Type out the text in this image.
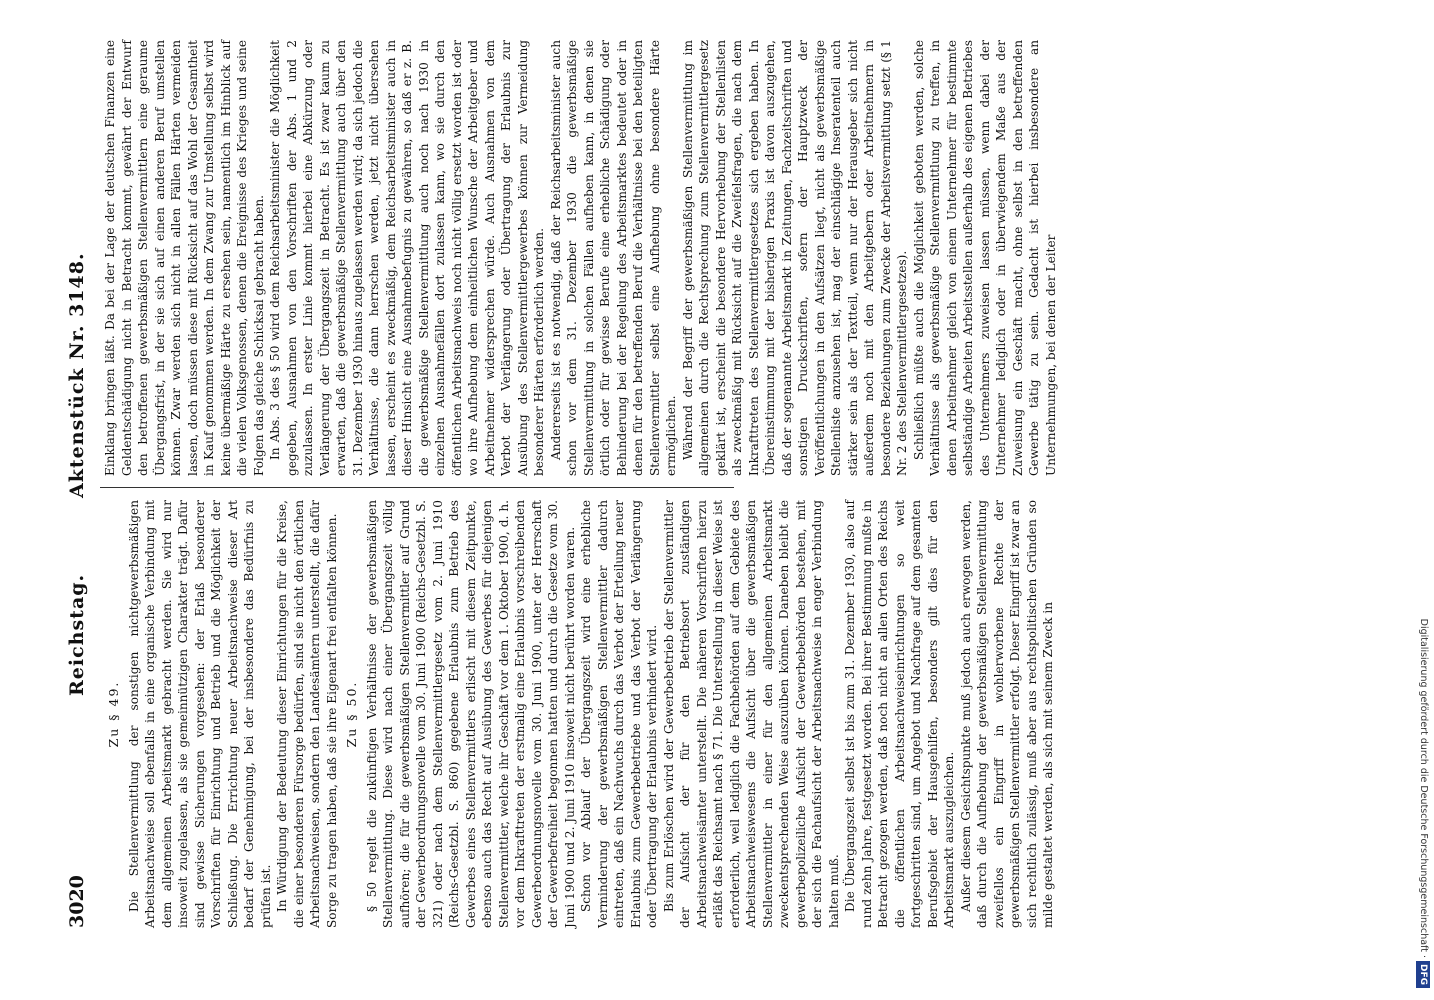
3020
Reichstag.
Aktenstück Nr. 3148.
Zu § 49. Die Stellenvermittlung der sonstigen nichtgewerbsmäßigen Arbeitsnachweise soll ebenfalls in eine organische Verbindung mit dem allgemeinen Arbeitsmarkt gebracht werden. Sie wird nur insoweit zugelassen, als sie gemeinnützigen Charakter trägt. Dafür sind gewisse Sicherungen vorgesehen: der Erlaß besonderer Vorschriften für Einrichtung und Betrieb und die Möglichkeit der Schließung. Die Errichtung neuer Arbeitsnachweise dieser Art bedarf der Genehmigung, bei der insbesondere das Bedürfnis zu prüfen ist. In Würdigung der Bedeutung dieser Einrichtungen für die Kreise, die einer besonderen Fürsorge bedürfen, sind sie nicht den örtlichen Arbeitsnachweisen, sondern den Landesämtern unterstellt, die dafür Sorge zu tragen haben, daß sie ihre Eigenart frei entfalten können. Zu § 50. § 50 regelt die zukünftigen Verhältnisse der gewerbsmäßigen Stellenvermittlung. Diese wird nach einer Übergangszeit völlig aufhören; die für die gewerbsmäßigen Stellenvermittler auf Grund der Gewerbeordnungsnovelle vom 30. Juni 1900 (Reichs-Gesetzbl. S. 321) oder nach dem Stellenvermittlergesetz vom 2. Juni 1910 (Reichs-Gesetzbl. S. 860) gegebene Erlaubnis zum Betrieb des Gewerbes eines Stellenvermittlers erlischt mit diesem Zeitpunkte, ebenso auch das Recht auf Ausübung des Gewerbes für diejenigen Stellenvermittler, welche ihr Geschäft vor dem 1. Oktober 1900, d. h. vor dem Inkrafttreten der erstmalig eine Erlaubnis vorschreibenden Gewerbeordnungsnovelle vom 30. Juni 1900, unter der Herrschaft der Gewerbefreiheit begonnen hatten und durch die Gesetze vom 30. Juni 1900 und 2. Juni 1910 insoweit nicht berührt worden waren. Schon vor Ablauf der Übergangszeit wird eine erhebliche Verminderung der gewerbsmäßigen Stellenvermittler dadurch eintreten, daß ein Nachwuchs durch das Verbot der Erteilung neuer Erlaubnis zum Gewerbebetriebe und das Verbot der Verlängerung oder Übertragung der Erlaubnis verhindert wird. Bis zum Erlöschen wird der Gewerbebetrieb der Stellenvermittler der Aufsicht der für den Betriebsort zuständigen Arbeitsnachweisämter unterstellt. Die näheren Vorschriften hierzu erläßt das Reichsamt nach § 71. Die Unterstellung in dieser Weise ist erforderlich, weil lediglich die Fachbehörden auf dem Gebiete des Arbeitsnachweiswesens die Aufsicht über die gewerbsmäßigen Stellenvermittler in einer für den allgemeinen Arbeitsmarkt zweckentsprechenden Weise auszuüben können. Daneben bleibt die gewerbepolizeiliche Aufsicht der Gewerbebehörden bestehen, mit der sich die Fachaufsicht der Arbeitsnachweise in enger Verbindung halten muß. Die Übergangszeit selbst ist bis zum 31. Dezember 1930, also auf rund zehn Jahre, festgesetzt worden. Bei ihrer Bestimmung mußte in Betracht gezogen werden, daß noch nicht an allen Orten des Reichs die öffentlichen Arbeitsnachweiseinrichtungen so weit fortgeschritten sind, um Angebot und Nachfrage auf dem gesamten Berufsgebiet der Hausgehilfen, besonders gilt dies für den Arbeitsmarkt auszugleichen. Außer diesem Gesichtspunkte muß jedoch auch erwogen werden, daß durch die Aufhebung der gewerbsmäßigen Stellenvermittlung zweifellos ein Eingriff in wohlerworbene Rechte der gewerbsmäßigen Stellenvermittler erfolgt. Dieser Eingriff ist zwar an sich rechtlich zulässig, muß aber aus rechtspolitischen Gründen so milde gestaltet werden, als sich mit seinem Zweck in

Einklang bringen läßt. Da bei der Lage der deutschen Finanzen eine Geldentschädigung nicht in Betracht kommt, gewährt der Entwurf den betroffenen gewerbsmäßigen Stellenvermittlern eine geraume Übergangsfrist, in der sie sich auf einen anderen Beruf umstellen können. Zwar werden sich nicht in allen Fällen Härten vermeiden lassen, doch müssen diese mit Rücksicht auf das Wohl der Gesamtheit in Kauf genommen werden. In dem Zwang zur Umstellung selbst wird keine übermäßige Härte zu ersehen sein, namentlich im Hinblick auf die vielen Volksgenossen, denen die Ereignisse des Krieges und seine Folgen das gleiche Schicksal gebracht haben. In Abs. 3 des § 50 wird dem Reichsarbeitsminister die Möglichkeit gegeben, Ausnahmen von den Vorschriften der Abs. 1 und 2 zuzulassen. In erster Linie kommt hierbei eine Abkürzung oder Verlängerung der Übergangszeit in Betracht. Es ist zwar kaum zu erwarten, daß die gewerbsmäßige Stellenvermittlung auch über den 31. Dezember 1930 hinaus zugelassen werden wird; da sich jedoch die Verhältnisse, die dann herrschen werden, jetzt nicht übersehen lassen, erscheint es zweckmäßig, dem Reichsarbeitsminister auch in dieser Hinsicht eine Ausnahmebefugnis zu gewähren, so daß er z. B. die gewerbsmäßige Stellenvermittlung auch noch nach 1930 in einzelnen Ausnahmefällen dort zulassen kann, wo sie durch den öffentlichen Arbeitsnachweis noch nicht völlig ersetzt worden ist oder wo ihre Aufhebung dem einheitlichen Wunsche der Arbeitgeber und Arbeitnehmer widersprechen würde. Auch Ausnahmen von dem Verbot der Verlängerung oder Übertragung der Erlaubnis zur Ausübung des Stellenvermittlergewerbes können zur Vermeidung besonderer Härten erforderlich werden. Andererseits ist es notwendig, daß der Reichsarbeitsminister auch schon vor dem 31. Dezember 1930 die gewerbsmäßige Stellenvermittlung in solchen Fällen aufheben kann, in denen sie örtlich oder für gewisse Berufe eine erhebliche Schädigung oder Behinderung bei der Regelung des Arbeitsmarktes bedeutet oder in denen für den betreffenden Beruf die Verhältnisse bei den beteiligten Stellenvermittler selbst eine Aufhebung ohne besondere Härte ermöglichen. Während der Begriff der gewerbsmäßigen Stellenvermittlung im allgemeinen durch die Rechtsprechung zum Stellenvermittlergesetz geklärt ist, erscheint die besondere Hervorhebung der Stellenlisten als zweckmäßig mit Rücksicht auf die Zweifelsfragen, die nach dem Inkrafttreten des Stellenvermittlergesetzes sich ergeben haben. In Übereinstimmung mit der bisherigen Praxis ist davon auszugehen, daß der sogenannte Arbeitsmarkt in Zeitungen, Fachzeitschriften und sonstigen Druckschriften, sofern der Hauptzweck der Veröffentlichungen in den Aufsätzen liegt, nicht als gewerbsmäßige Stellenliste anzusehen ist, mag der einschlägige Inseratenteil auch stärker sein als der Textteil, wenn nur der Herausgeber sich nicht außerdem noch mit den Arbeitgebern oder Arbeitnehmern in besondere Beziehungen zum Zwecke der Arbeitsvermittlung setzt (§ 1 Nr. 2 des Stellenvermittlergesetzes). Schließlich müßte auch die Möglichkeit geboten werden, solche Verhältnisse als gewerbsmäßige Stellenvermittlung zu treffen, in denen Arbeitnehmer gleich von einem Unternehmer für bestimmte selbständige Arbeiten Arbeitsstellen außerhalb des eigenen Betriebes des Unternehmers zuweisen lassen müssen, wenn dabei der Unternehmer lediglich oder in überwiegendem Maße aus der Zuweisung ein Geschäft macht, ohne selbst in den betreffenden Gewerbe tätig zu sein. Gedacht ist hierbei insbesondere an Unternehmungen, bei denen der Leiter

Digitalisierung gefördert durch die Deutsche Forschungsgemeinschaft ·DFG
